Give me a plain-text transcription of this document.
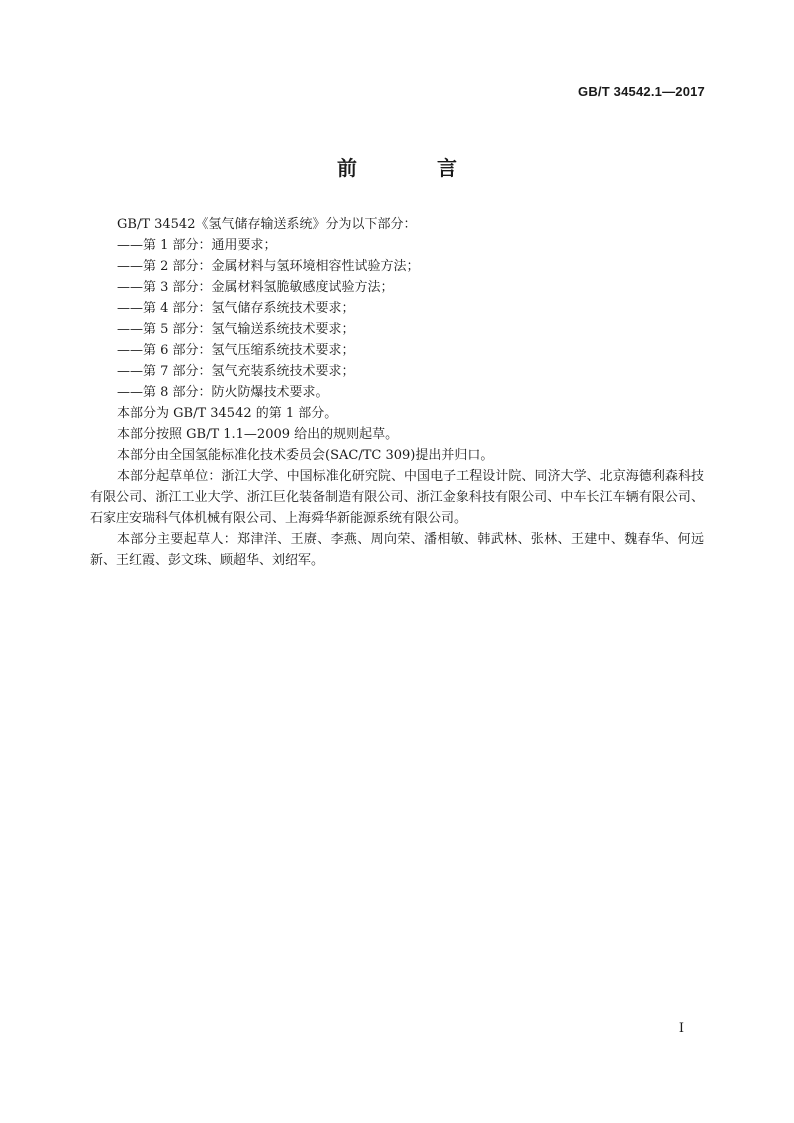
GB/T 34542.1—2017
前　言

GB/T 34542《氢气储存输送系统》分为以下部分：

——第 1 部分：通用要求；

——第 2 部分：金属材料与氢环境相容性试验方法；

——第 3 部分：金属材料氢脆敏感度试验方法；

——第 4 部分：氢气储存系统技术要求；

——第 5 部分：氢气输送系统技术要求；

——第 6 部分：氢气压缩系统技术要求；

——第 7 部分：氢气充装系统技术要求；

——第 8 部分：防火防爆技术要求。

本部分为 GB/T 34542 的第 1 部分。

本部分按照 GB/T 1.1—2009 给出的规则起草。

本部分由全国氢能标准化技术委员会(SAC/TC 309)提出并归口。

本部分起草单位：浙江大学、中国标准化研究院、中国电子工程设计院、同济大学、北京海德利森科技有限公司、浙江工业大学、浙江巨化装备制造有限公司、浙江金象科技有限公司、中车长江车辆有限公司、石家庄安瑞科气体机械有限公司、上海舜华新能源系统有限公司。

本部分主要起草人：郑津洋、王赓、李燕、周向荣、潘相敏、韩武林、张林、王建中、魏春华、何远新、王红霞、彭文珠、顾超华、刘绍军。

I
